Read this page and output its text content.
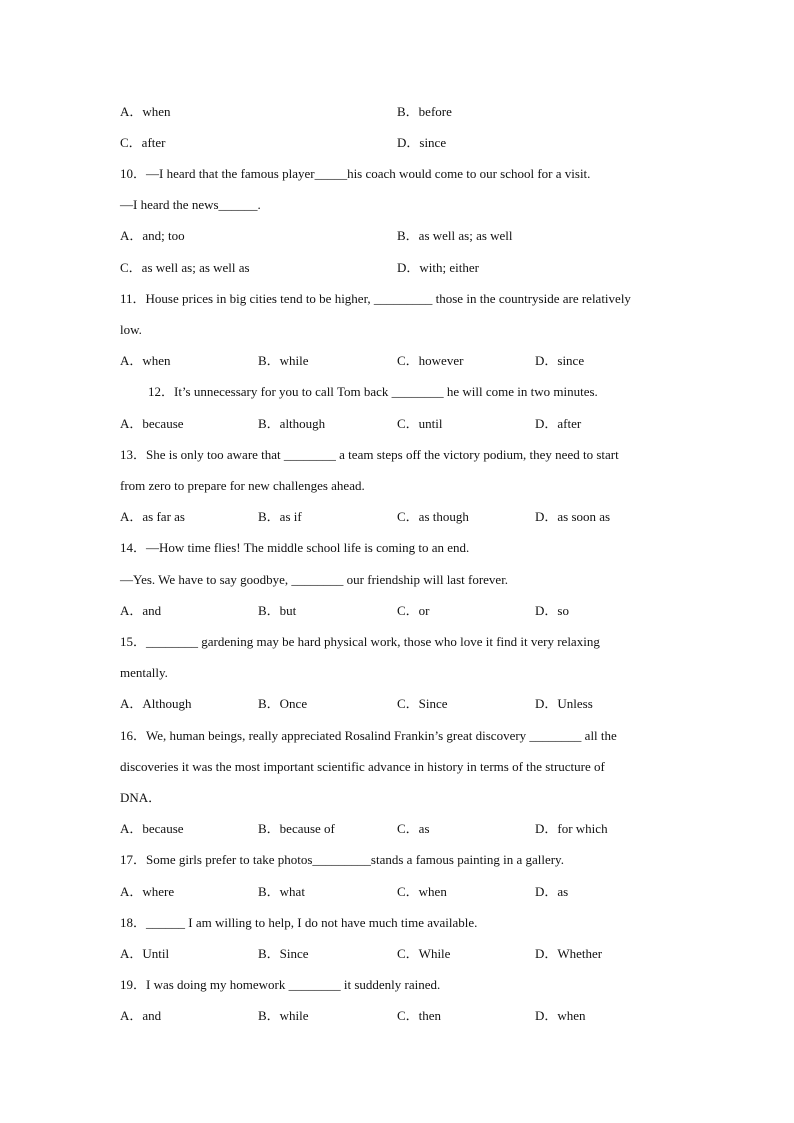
A．when	B．before
C．after	D．since
10．—I heard that the famous player_____his coach would come to our school for a visit.
—I heard the news______.
A．and; too	B．as well as; as well
C．as well as; as well as	D．with; either
11．House prices in big cities tend to be higher, _________ those in the countryside are relatively
low.
A．when	B．while	C．however	D．since
12．It’s unnecessary for you to call Tom back ________ he will come in two minutes.
A．because	B．although	C．until	D．after
13．She is only too aware that ________ a team steps off the victory podium, they need to start
from zero to prepare for new challenges ahead.
A．as far as	B．as if	C．as though	D．as soon as
14．—How time flies! The middle school life is coming to an end.
—Yes. We have to say goodbye, ________ our friendship will last forever.
A．and	B．but	C．or	D．so
15．________ gardening may be hard physical work, those who love it find it very relaxing
mentally.
A．Although	B．Once	C．Since	D．Unless
16．We, human beings, really appreciated Rosalind Frankin’s great discovery ________ all the
discoveries it was the most important scientific advance in history in terms of the structure of
DNA．
A．because	B．because of	C．as	D．for which
17．Some girls prefer to take photos_________stands a famous painting in a gallery.
A．where	B．what	C．when	D．as
18．______ I am willing to help, I do not have much time available.
A．Until	B．Since	C．While	D．Whether
19．I was doing my homework ________ it suddenly rained.
A．and	B．while	C．then	D．when
